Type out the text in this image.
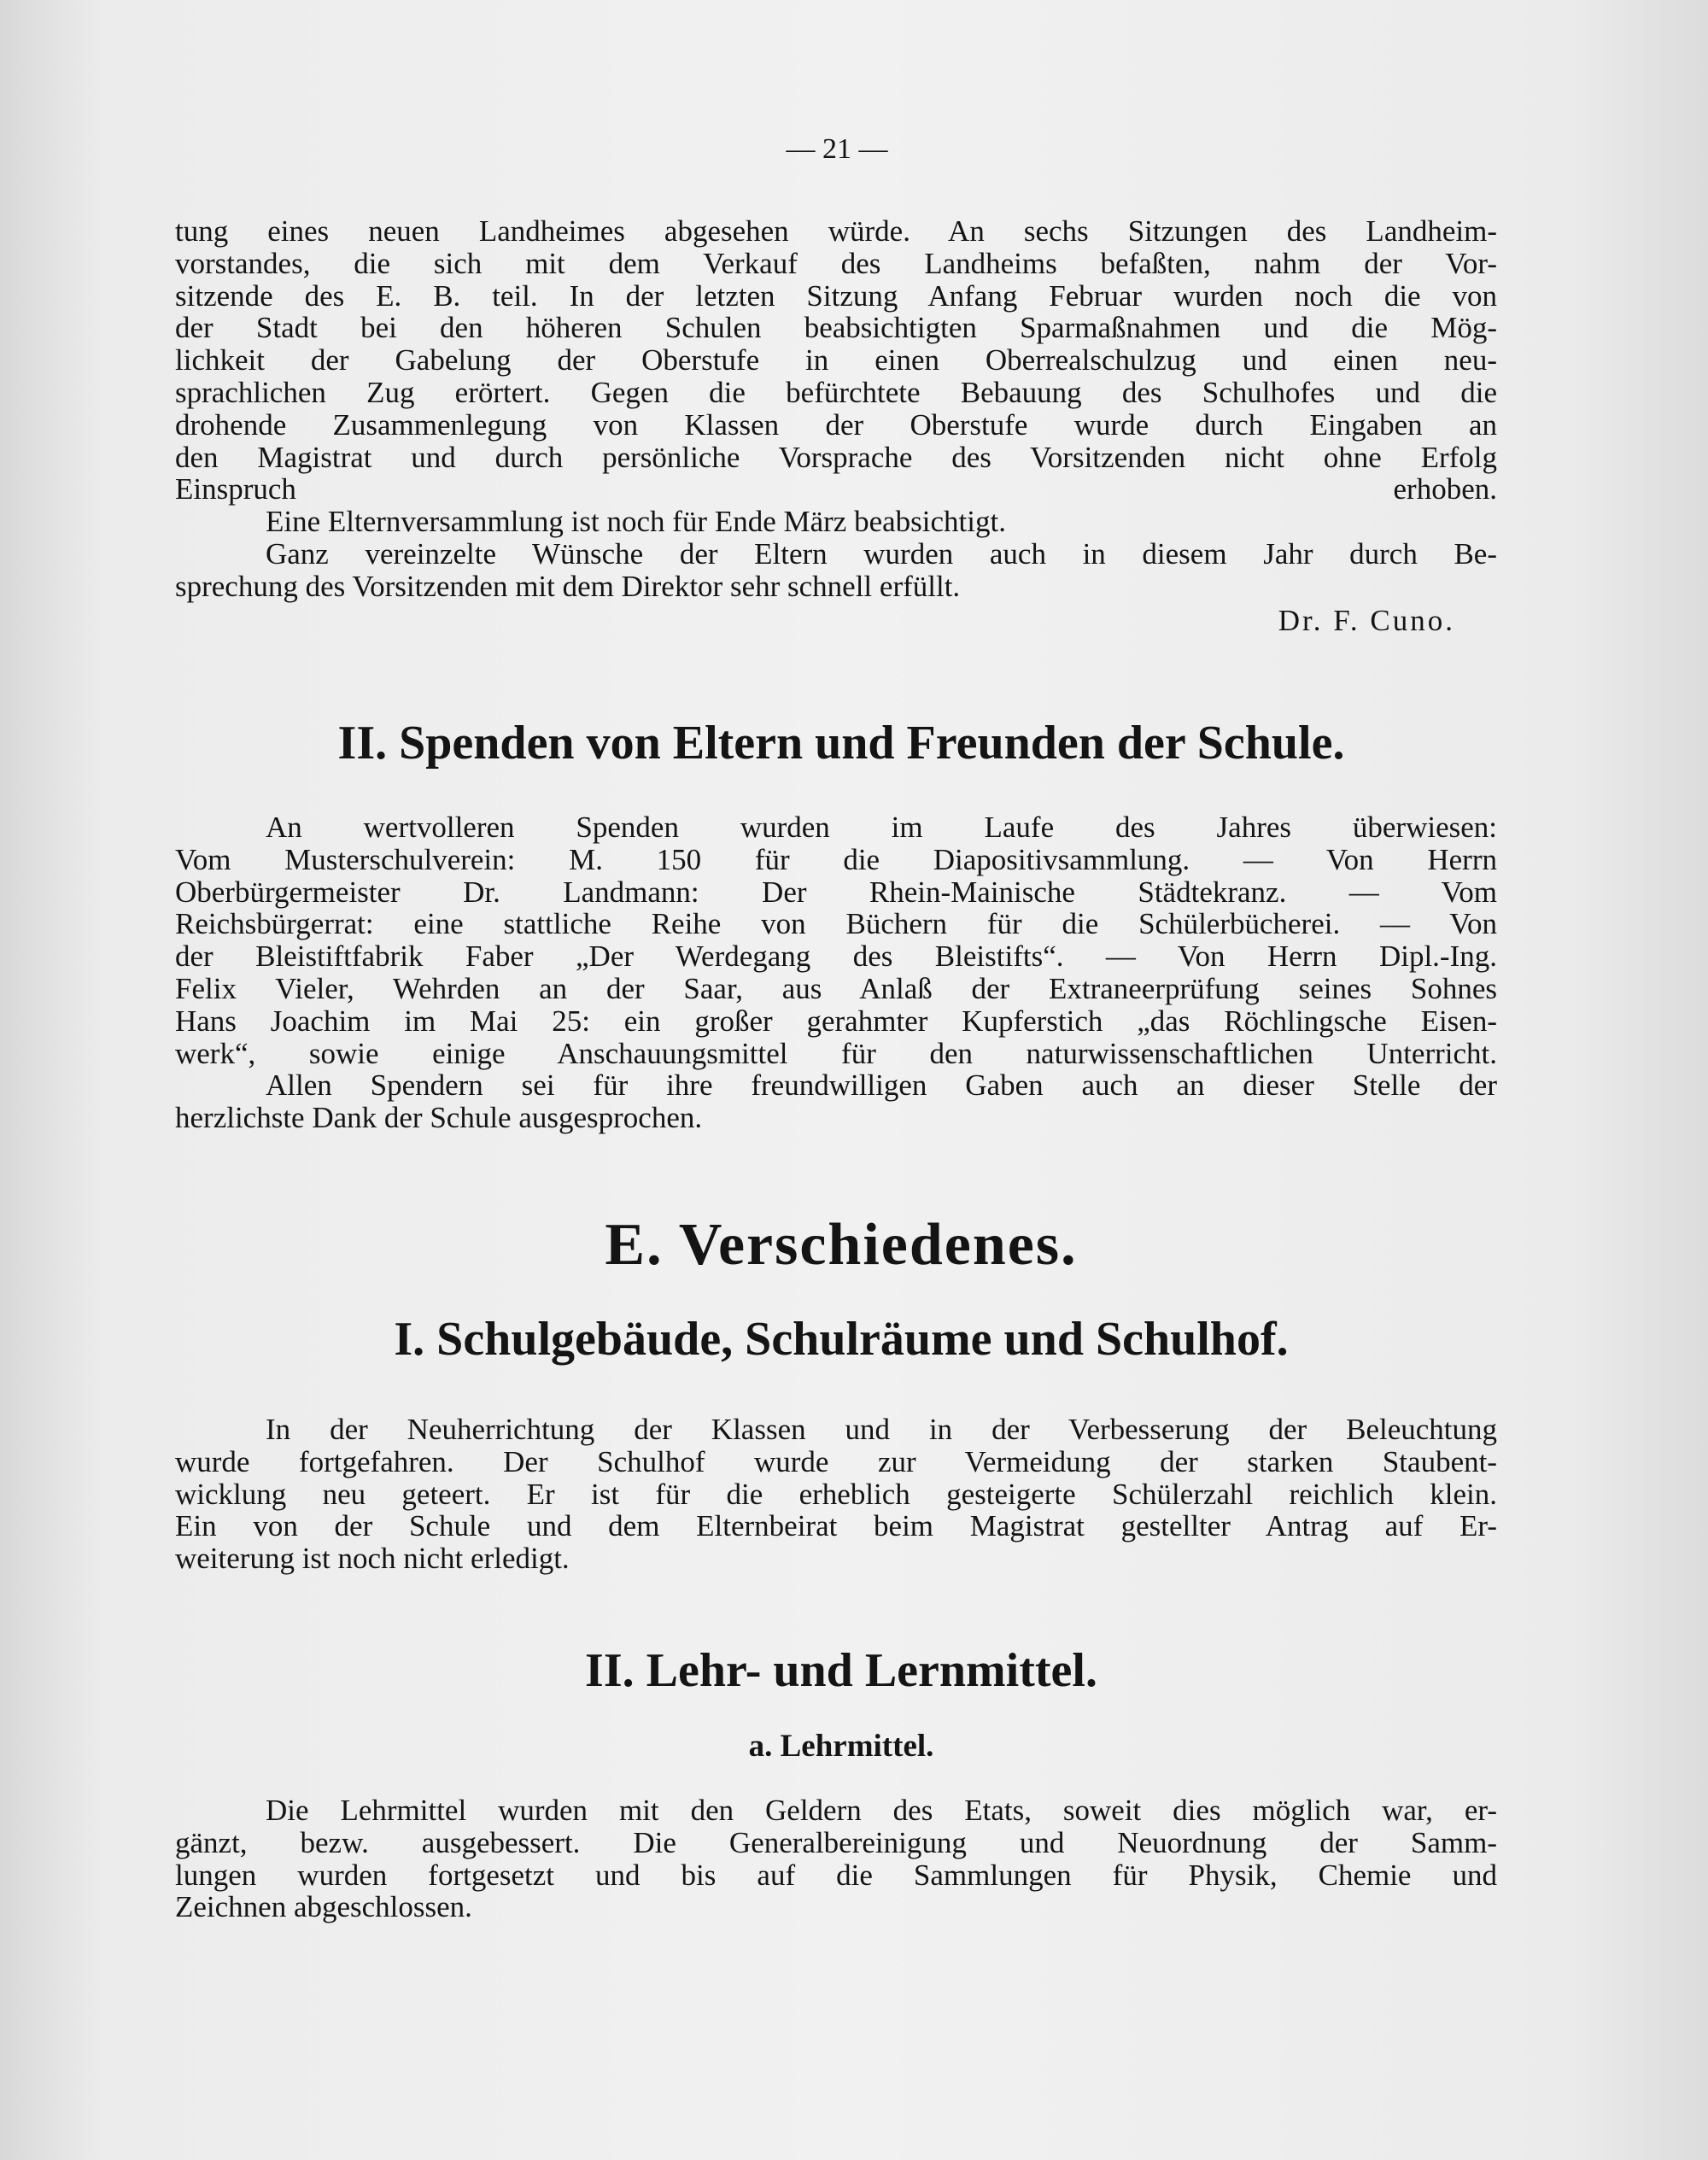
— 21 —

tung eines neuen Landheimes abgesehen würde. An sechs Sitzungen des Landheim-
vorstandes, die sich mit dem Verkauf des Landheims befaßten, nahm der Vor-
sitzende des E. B. teil. In der letzten Sitzung Anfang Februar wurden noch die von
der Stadt bei den höheren Schulen beabsichtigten Sparmaßnahmen und die Mög-
lichkeit der Gabelung der Oberstufe in einen Oberrealschulzug und einen neu-
sprachlichen Zug erörtert. Gegen die befürchtete Bebauung des Schulhofes und die
drohende Zusammenlegung von Klassen der Oberstufe wurde durch Eingaben an
den Magistrat und durch persönliche Vorsprache des Vorsitzenden nicht ohne Erfolg
Einspruch erhoben.

Eine Elternversammlung ist noch für Ende März beabsichtigt.

Ganz vereinzelte Wünsche der Eltern wurden auch in diesem Jahr durch Be-
sprechung des Vorsitzenden mit dem Direktor sehr schnell erfüllt.

Dr. F. Cuno.
II. Spenden von Eltern und Freunden der Schule.

An wertvolleren Spenden wurden im Laufe des Jahres überwiesen:
Vom Musterschulverein: M. 150 für die Diapositivsammlung. — Von Herrn
Oberbürgermeister Dr. Landmann: Der Rhein-Mainische Städtekranz. — Vom
Reichsbürgerrat: eine stattliche Reihe von Büchern für die Schülerbücherei. — Von
der Bleistiftfabrik Faber „Der Werdegang des Bleistifts“. — Von Herrn Dipl.-Ing.
Felix Vieler, Wehrden an der Saar, aus Anlaß der Extraneerprüfung seines Sohnes
Hans Joachim im Mai 25: ein großer gerahmter Kupferstich „das Röchlingsche Eisen-
werk“, sowie einige Anschauungsmittel für den naturwissenschaftlichen Unterricht.

Allen Spendern sei für ihre freundwilligen Gaben auch an dieser Stelle der
herzlichste Dank der Schule ausgesprochen.

E. Verschiedenes.
I. Schulgebäude, Schulräume und Schulhof.

In der Neuherrichtung der Klassen und in der Verbesserung der Beleuchtung
wurde fortgefahren. Der Schulhof wurde zur Vermeidung der starken Staubent-
wicklung neu geteert. Er ist für die erheblich gesteigerte Schülerzahl reichlich klein.
Ein von der Schule und dem Elternbeirat beim Magistrat gestellter Antrag auf Er-
weiterung ist noch nicht erledigt.

II. Lehr- und Lernmittel.
a. Lehrmittel.

Die Lehrmittel wurden mit den Geldern des Etats, soweit dies möglich war, er-
gänzt, bezw. ausgebessert. Die Generalbereinigung und Neuordnung der Samm-
lungen wurden fortgesetzt und bis auf die Sammlungen für Physik, Chemie und
Zeichnen abgeschlossen.
